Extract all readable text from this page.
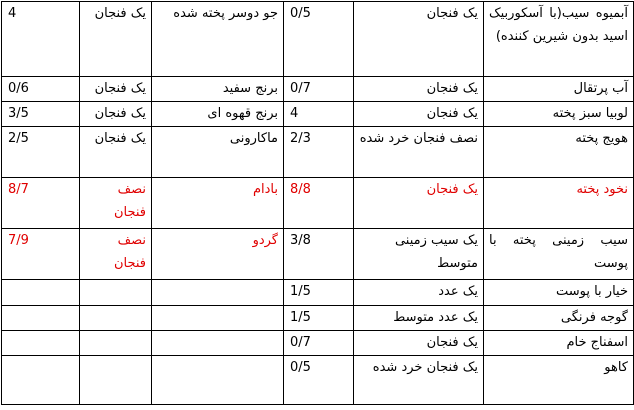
آبمیوه سیب(با آسکوربیک اسید بدون شیرین کننده)	یک فنجان	0/5	جو دوسر پخته شده	یک فنجان	4
آب پرتقال	یک فنجان	0/7	برنج سفید	یک فنجان	0/6
لوبیا سبز پخته	یک فنجان	4	برنج قهوه ای	یک فنجان	3/5
هویج پخته	نصف فنجان خرد شده	2/3	ماکارونی	یک فنجان	2/5
نخود پخته	یک فنجان	8/8	بادام	نصف فنجان	8/7
سیب زمینی پخته با پوست	یک سیب زمینی متوسط	3/8	گردو	نصف فنجان	7/9
خیار با پوست	یک عدد	1/5			
گوجه فرنگی	یک عدد متوسط	1/5			
اسفناج خام	یک فنجان	0/7			
کاهو	یک فنجان خرد شده	0/5			
